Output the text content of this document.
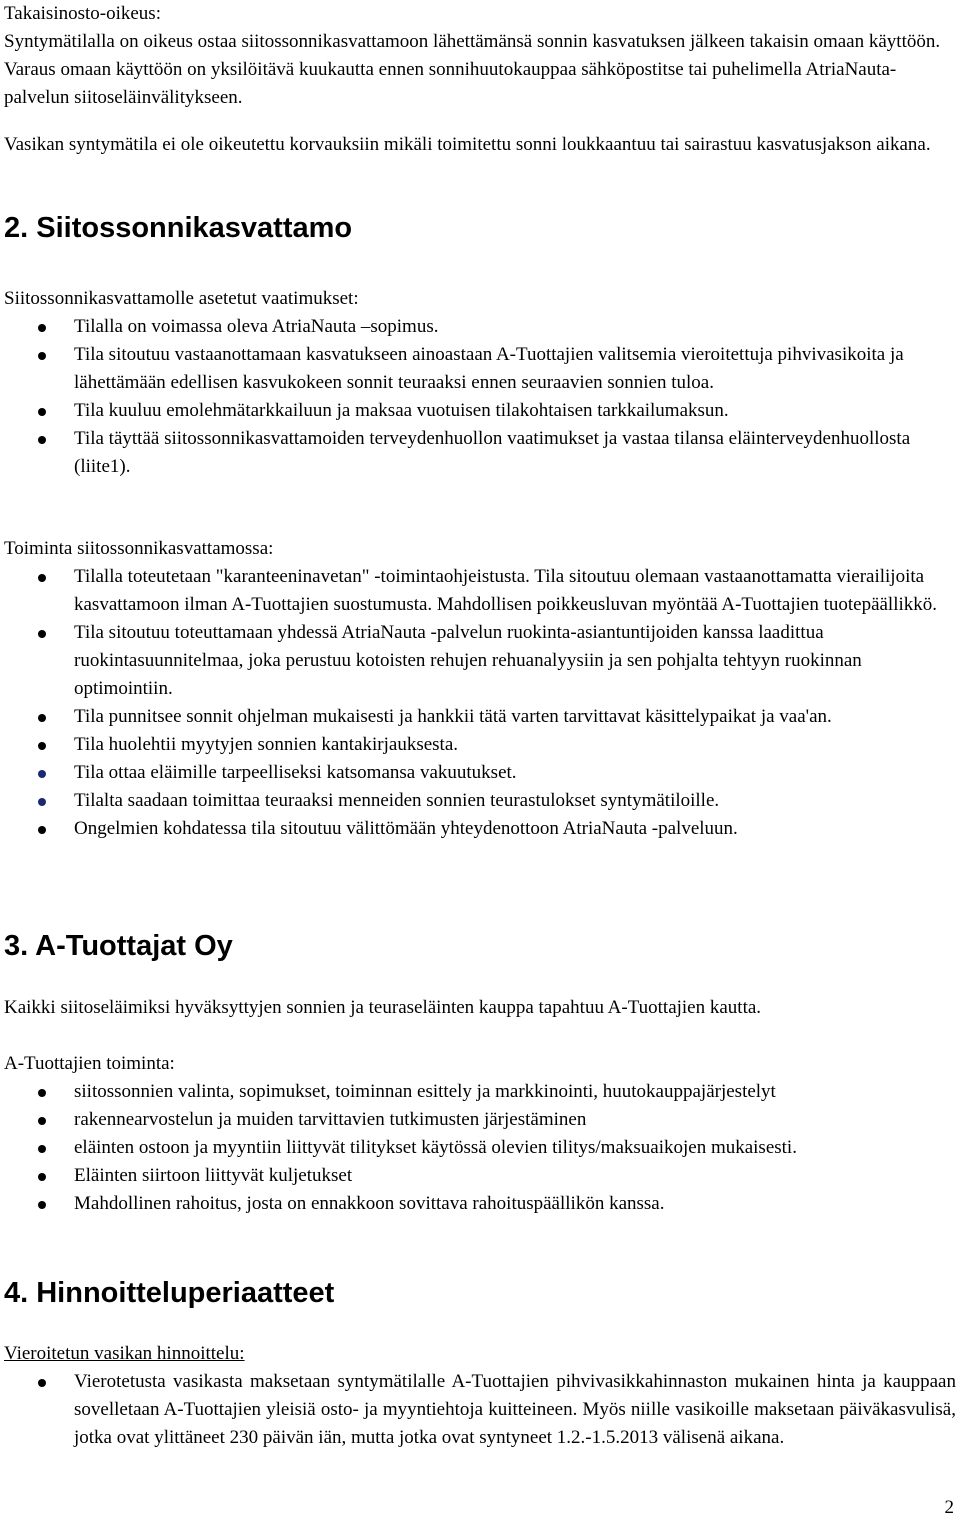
Takaisinosto-oikeus:

Syntymätilalla on oikeus ostaa siitossonnikasvattamoon lähettämänsä sonnin kasvatuksen jälkeen takaisin omaan käyttöön. Varaus omaan käyttöön on yksilöitävä kuukautta ennen sonnihuutokauppaa sähköpostitse tai puhelimella AtriaNauta-palvelun siitoseläinvälitykseen.

Vasikan syntymätila ei ole oikeutettu korvauksiin mikäli toimitettu sonni loukkaantuu tai sairastuu kasvatusjakson aikana.

2. Siitossonnikasvattamo

Siitossonnikasvattamolle asetetut vaatimukset:

Tilalla on voimassa oleva AtriaNauta –sopimus.
Tila sitoutuu vastaanottamaan kasvatukseen ainoastaan A-Tuottajien valitsemia vieroitettuja pihvivasikoita ja lähettämään edellisen kasvukokeen sonnit teuraaksi ennen seuraavien sonnien tuloa.
Tila kuuluu emolehmätarkkailuun ja maksaa vuotuisen tilakohtaisen tarkkailumaksun.
Tila täyttää siitossonnikasvattamoiden terveydenhuollon vaatimukset ja vastaa tilansa eläinterveydenhuollosta (liite1).

Toiminta siitossonnikasvattamossa:

Tilalla toteutetaan "karanteeninavetan" -toimintaohjeistusta. Tila sitoutuu olemaan vastaanottamatta vierailijoita kasvattamoon ilman A-Tuottajien suostumusta. Mahdollisen poikkeusluvan myöntää A-Tuottajien tuotepäällikkö.
Tila sitoutuu toteuttamaan yhdessä AtriaNauta -palvelun ruokinta-asiantuntijoiden kanssa laadittua ruokintasuunnitelmaa, joka perustuu kotoisten rehujen rehuanalyysiin ja sen pohjalta tehtyyn ruokinnan optimointiin.
Tila punnitsee sonnit ohjelman mukaisesti ja hankkii tätä varten tarvittavat käsittelypaikat ja vaa'an.
Tila huolehtii myytyjen sonnien kantakirjauksesta.
Tila ottaa eläimille tarpeelliseksi katsomansa vakuutukset.
Tilalta saadaan toimittaa teuraaksi menneiden sonnien teurastulokset syntymätiloille.
Ongelmien kohdatessa tila sitoutuu välittömään yhteydenottoon AtriaNauta -palveluun.
3. A-Tuottajat Oy

Kaikki siitoseläimiksi hyväksyttyjen sonnien ja teuraseläinten kauppa tapahtuu A-Tuottajien kautta.

A-Tuottajien toiminta:

siitossonnien valinta, sopimukset, toiminnan esittely ja markkinointi, huutokauppajärjestelyt
rakennearvostelun ja muiden tarvittavien tutkimusten järjestäminen
eläinten ostoon ja myyntiin liittyvät tilitykset käytössä olevien tilitys/maksuaikojen mukaisesti.
Eläinten siirtoon liittyvät kuljetukset
Mahdollinen rahoitus, josta on ennakkoon sovittava rahoituspäällikön kanssa.
4. Hinnoitteluperiaatteet

Vieroitetun vasikan hinnoittelu:

Vierotetusta vasikasta maksetaan syntymätilalle A-Tuottajien pihvivasikkahinnaston mukainen hinta ja kauppaan sovelletaan A-Tuottajien yleisiä osto- ja myyntiehtoja kuitteineen. Myös niille vasikoille maksetaan päiväkasvulisä, jotka ovat ylittäneet 230 päivän iän, mutta jotka ovat syntyneet 1.2.-1.5.2013 välisenä aikana.
2
